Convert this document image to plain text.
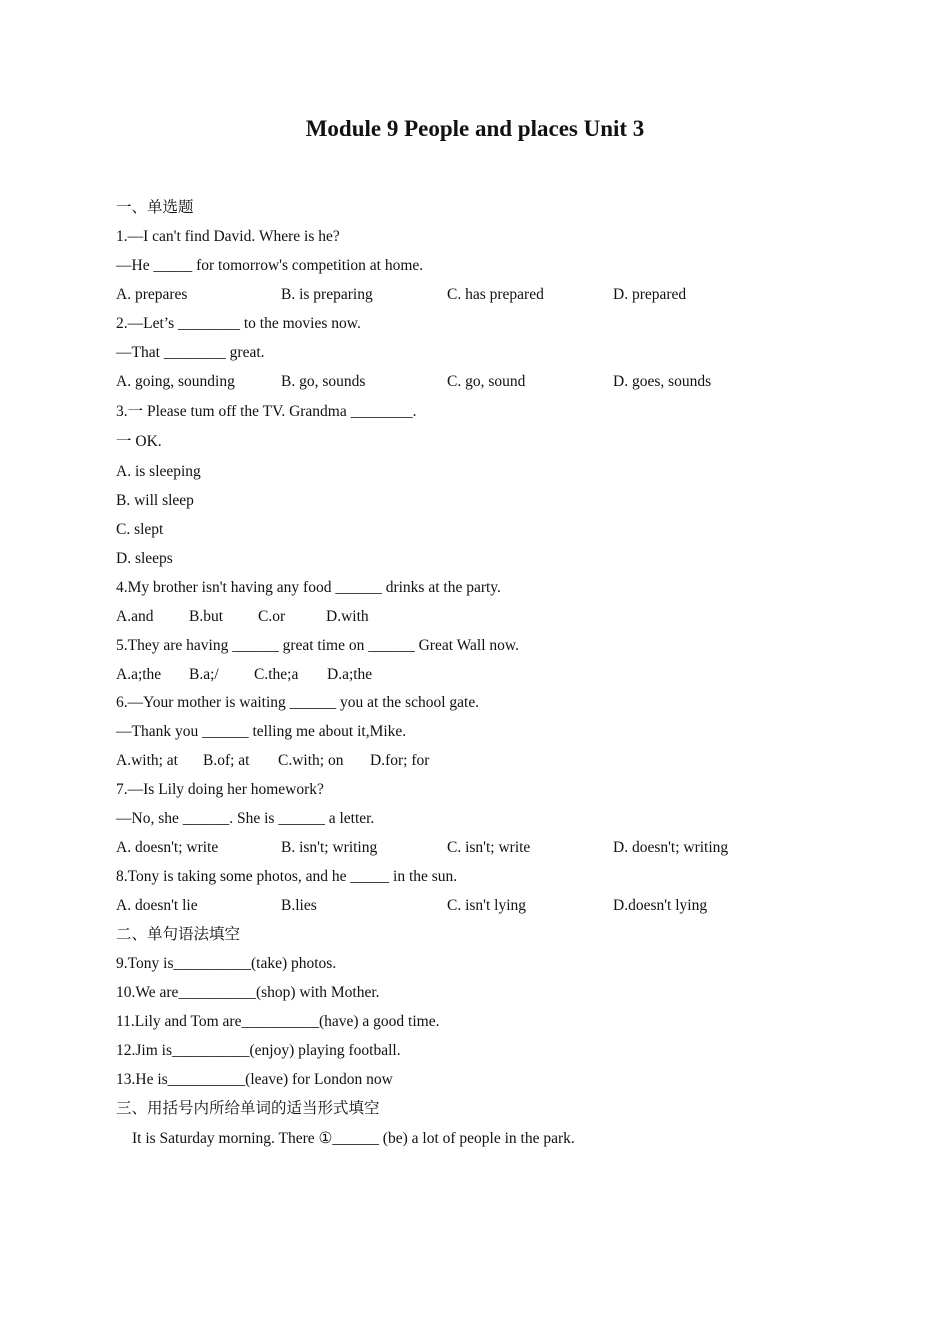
Module 9 People and places Unit 3
一、单选题
1.—I can't find David. Where is he?
—He _____ for tomorrow's competition at home.
A. prepares	B. is preparing	C. has prepared	D. prepared
2.—Let’s ________ to the movies now.
―That ________ great.
A. going, sounding	B. go, sounds	C. go, sound	D. goes, sounds
3.一 Please tum off the TV. Grandma ________.
一 OK.
A. is sleeping
B. will sleep
C. slept
D. sleeps
4.My brother isn't having any food ______ drinks at the party.
A.and B.but C.or	D.with
5.They are having ______ great time on ______ Great Wall now.
A.a;the B.a;/ C.the;a D.a;the
6.—Your mother is waiting ______ you at the school gate.
—Thank you ______ telling me about it,Mike.
A.with; at B.of; at C.with; on D.for; for
7.—Is Lily doing her homework?
—No, she ______. She is ______ a letter.
A. doesn't; write	B. isn't; writing	C. isn't; write	D. doesn't; writing
8.Tony is taking some photos, and he _____ in the sun.
A. doesn't lie	B.lies	C. isn't lying	D.doesn't lying
二、单句语法填空
9.Tony is__________(take) photos.
10.We are__________(shop) with Mother.
11.Lily and Tom are__________(have) a good time.
12.Jim is__________(enjoy) playing football.
13.He is__________(leave) for London now
三、用括号内所给单词的适当形式填空
It is Saturday morning. There ①______ (be) a lot of people in the park.
